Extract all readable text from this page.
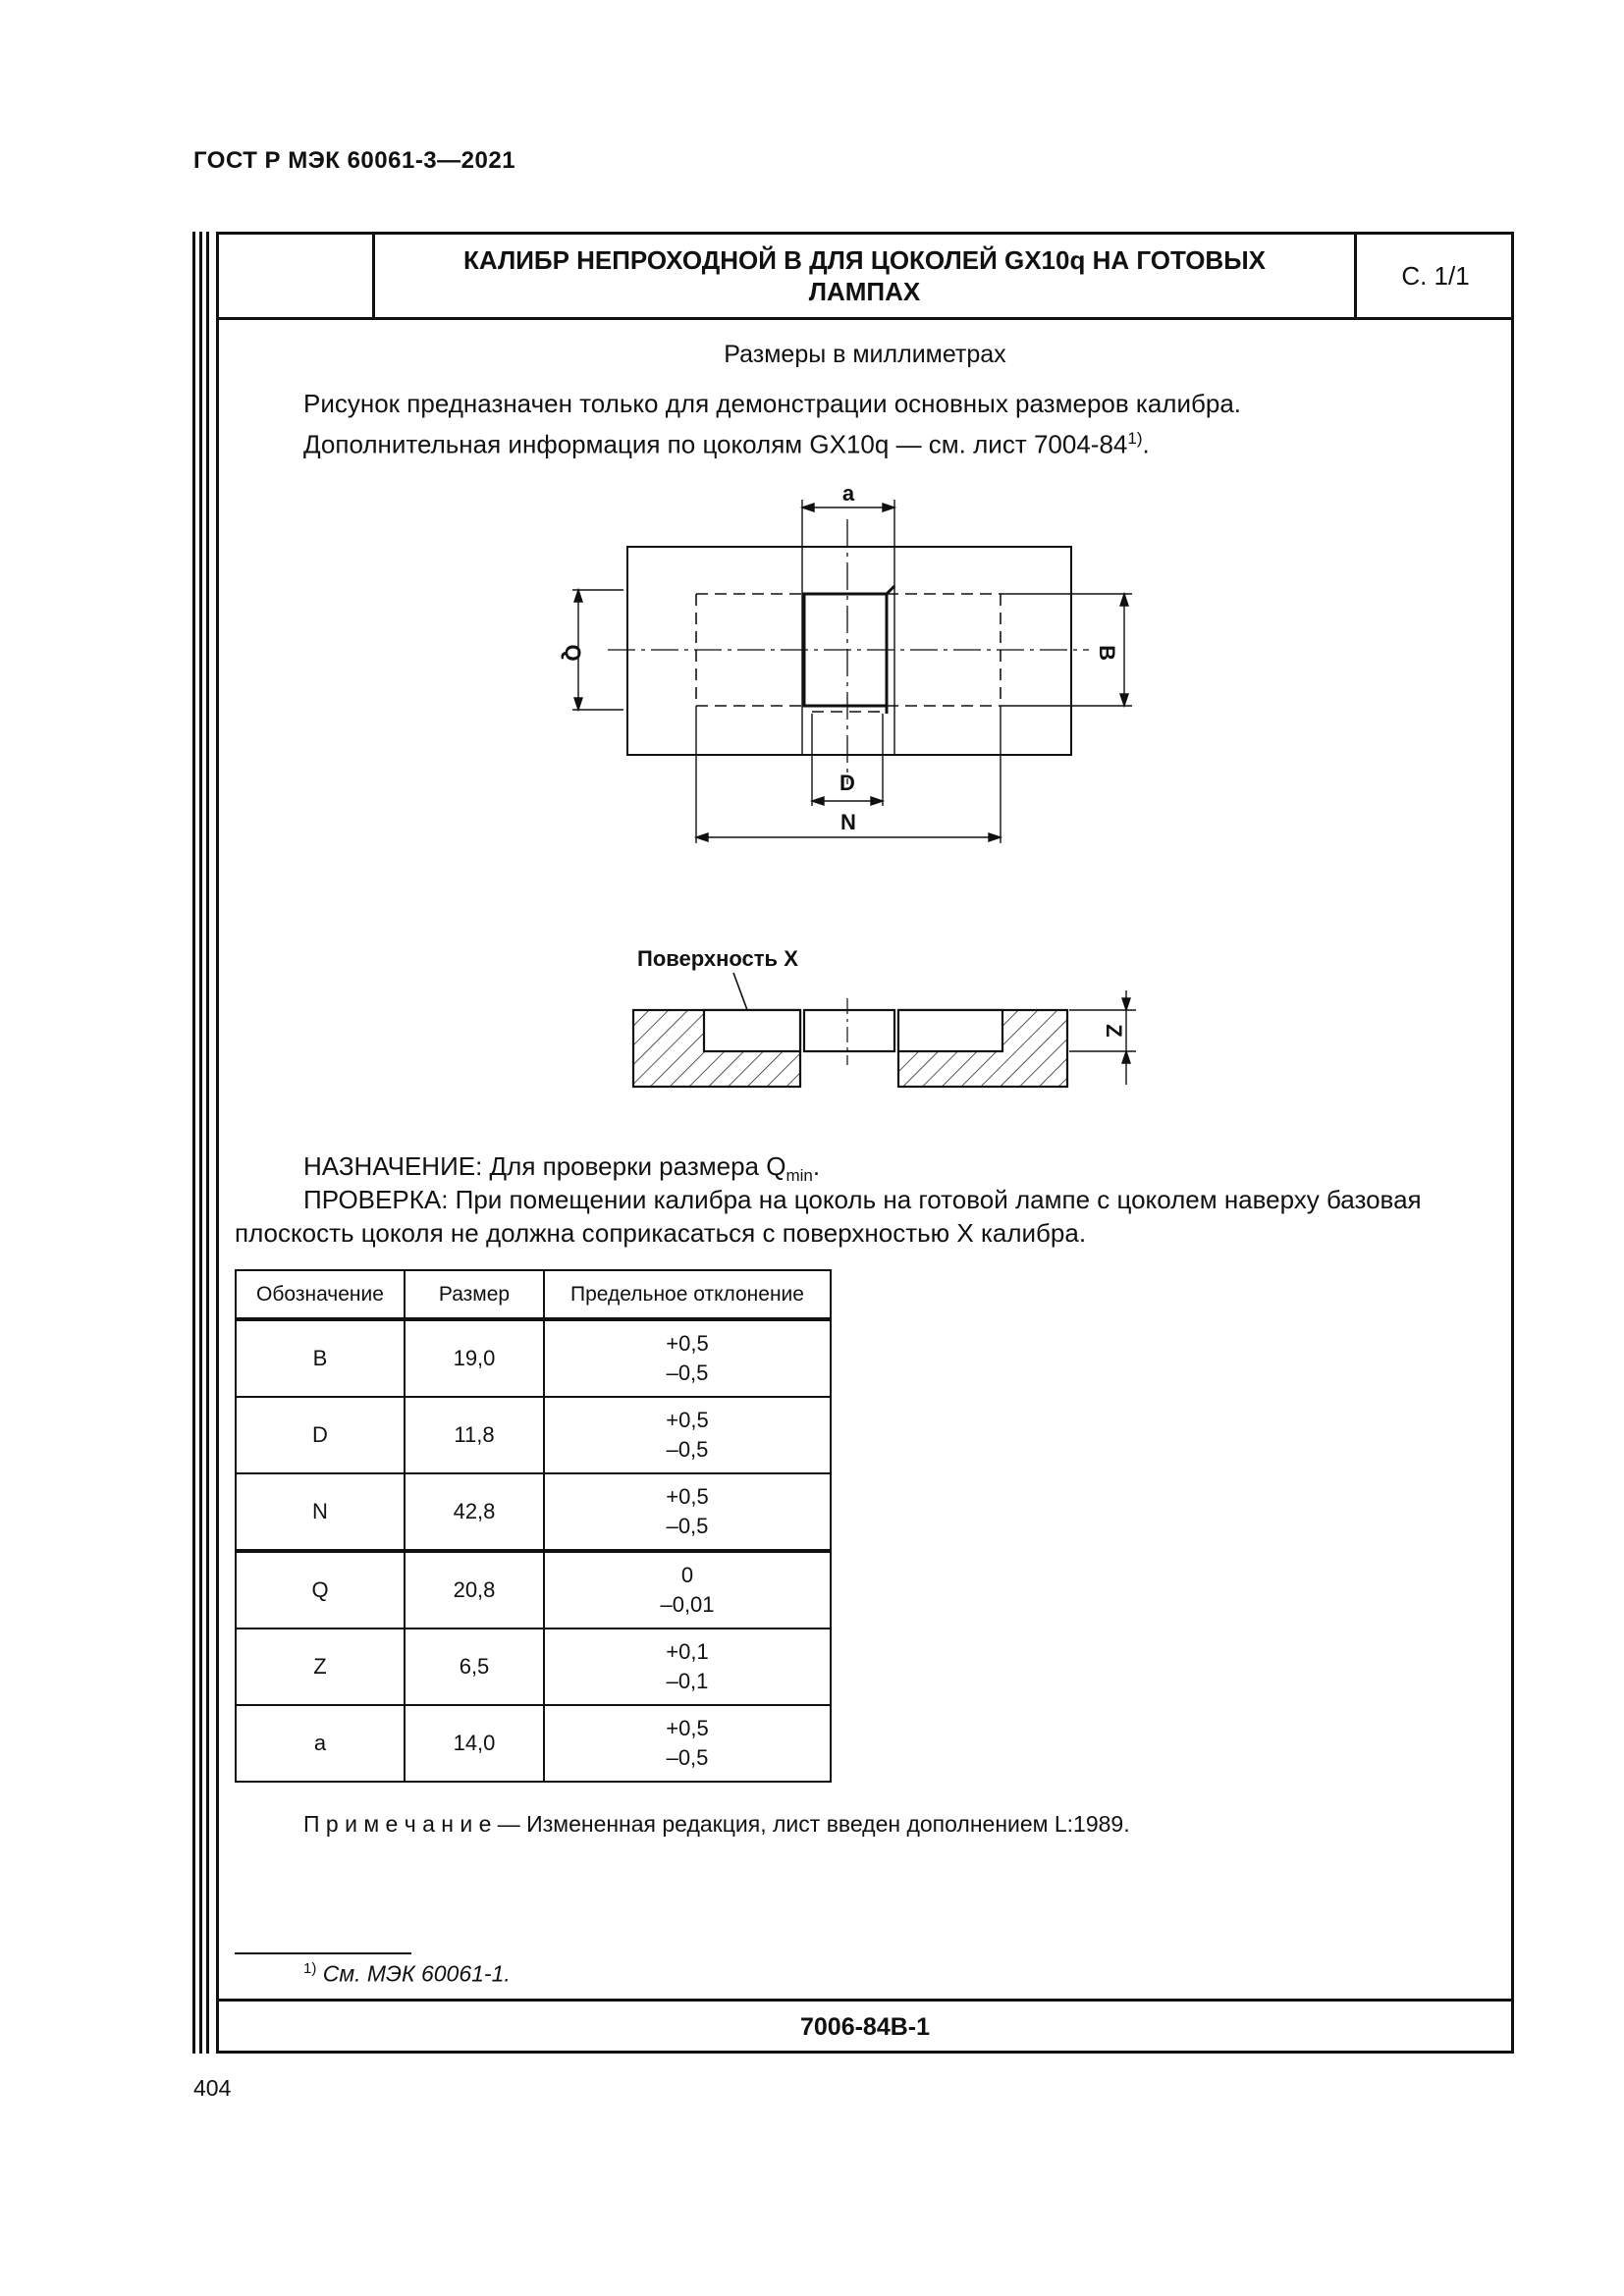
ГОСТ Р МЭК 60061-3—2021
КАЛИБР НЕПРОХОДНОЙ В ДЛЯ ЦОКОЛЕЙ GX10q НА ГОТОВЫХ ЛАМПАХ
С. 1/1
Размеры в миллиметрах
Рисунок предназначен только для демонстрации основных размеров калибра.
Дополнительная информация по цоколям GX10q — см. лист 7004-84$^{1)}$.
a
Q	B
D
N
Поверхность X
Z
НАЗНАЧЕНИЕ: Для проверки размера $Q_{min}$.
ПРОВЕРКА: При помещении калибра на цоколь на готовой лампе с цоколем наверху базовая плоскость цоколя не должна соприкасаться с поверхностью X калибра.
Обозначение	Размер	Предельное отклонение
B	19,0	+0,5
–0,5

D	11,8	+0,5
–0,5

N	42,8	+0,5
–0,5

Q	20,8	0
–0,01

Z	6,5	+0,1
–0,1

a	14,0	+0,5
–0,5
П р и м е ч а н и е — Измененная редакция, лист введен дополнением L:1989.
$^{1)}$ См. МЭК 60061-1.
7006-84B-1
404
